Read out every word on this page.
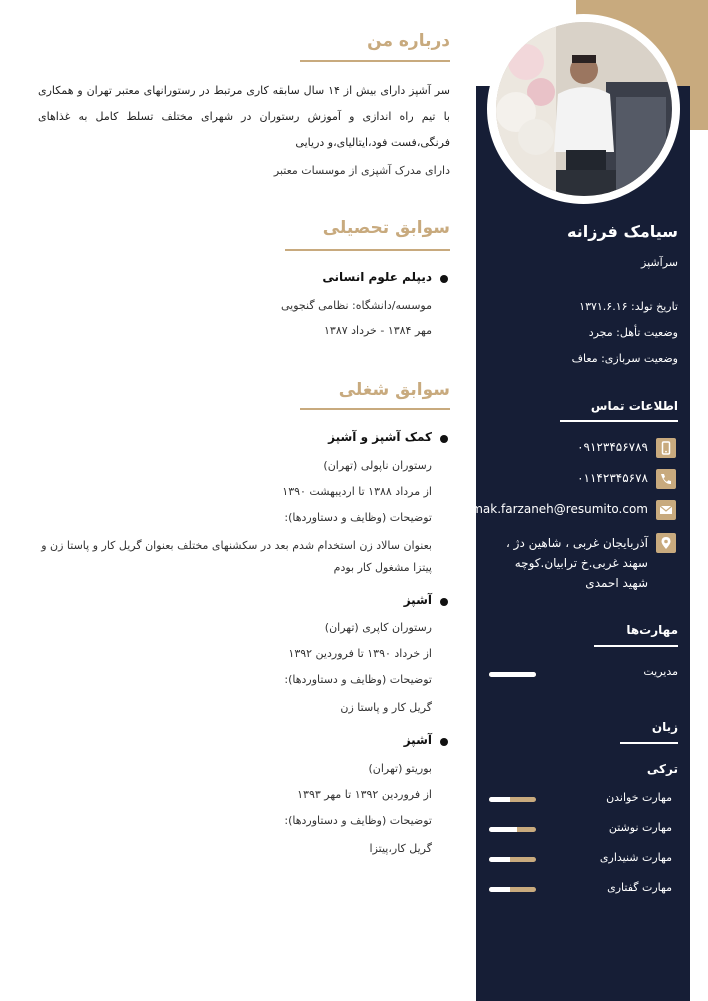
سیامک فرزانه
سرآشپز
تاریخ تولد: ۱۳۷۱.۶.۱۶
وضعیت تأهل: مجرد
وضعیت سربازی: معاف
اطلاعات تماس
۰۹۱۲۳۴۵۶۷۸۹
۰۱۱۴۲۳۴۵۶۷۸
siamak.farzaneh@resumito.com
آذربایجان غربی ، شاهین دژ ، سهند غربی.خ ترابیان.کوچه شهید احمدی
مهارت‌ها
مدیریت
زبان
ترکی
مهارت خواندن
مهارت نوشتن
مهارت شنیداری
مهارت گفتاری
درباره من
سر آشپز دارای بیش از ۱۴ سال سابقه کاری مرتبط در رستورانهای معتبر تهران و همکاری با تیم راه اندازی و آموزش رستوران در شهرای مختلف تسلط کامل به غذاهای فرنگی،فست فود،ایتالیای،و دریایی
دارای مدرک آشپزی از موسسات معتبر
سوابق تحصیلی
دیپلم علوم انسانی
موسسه/دانشگاه: نظامی گنجویی
مهر ۱۳۸۴ - خرداد ۱۳۸۷
سوابق شغلی
کمک آشپز و آشپز
رستوران ناپولی (تهران)
از مرداد ۱۳۸۸ تا اردیبهشت ۱۳۹۰
توضیحات (وظایف و دستاوردها):
بعنوان سالاد زن استخدام شدم بعد در سکشنهای مختلف بعنوان گریل کار و پاستا زن و پیتزا مشغول کار بودم
آشپز
رستوران کاپری (تهران)
از خرداد ۱۳۹۰ تا فروردین ۱۳۹۲
توضیحات (وظایف و دستاوردها):
گریل کار و پاستا زن
آشپز
بوریتو (تهران)
از فروردین ۱۳۹۲ تا مهر ۱۳۹۳
توضیحات (وظایف و دستاوردها):
گریل کار،پیتزا
